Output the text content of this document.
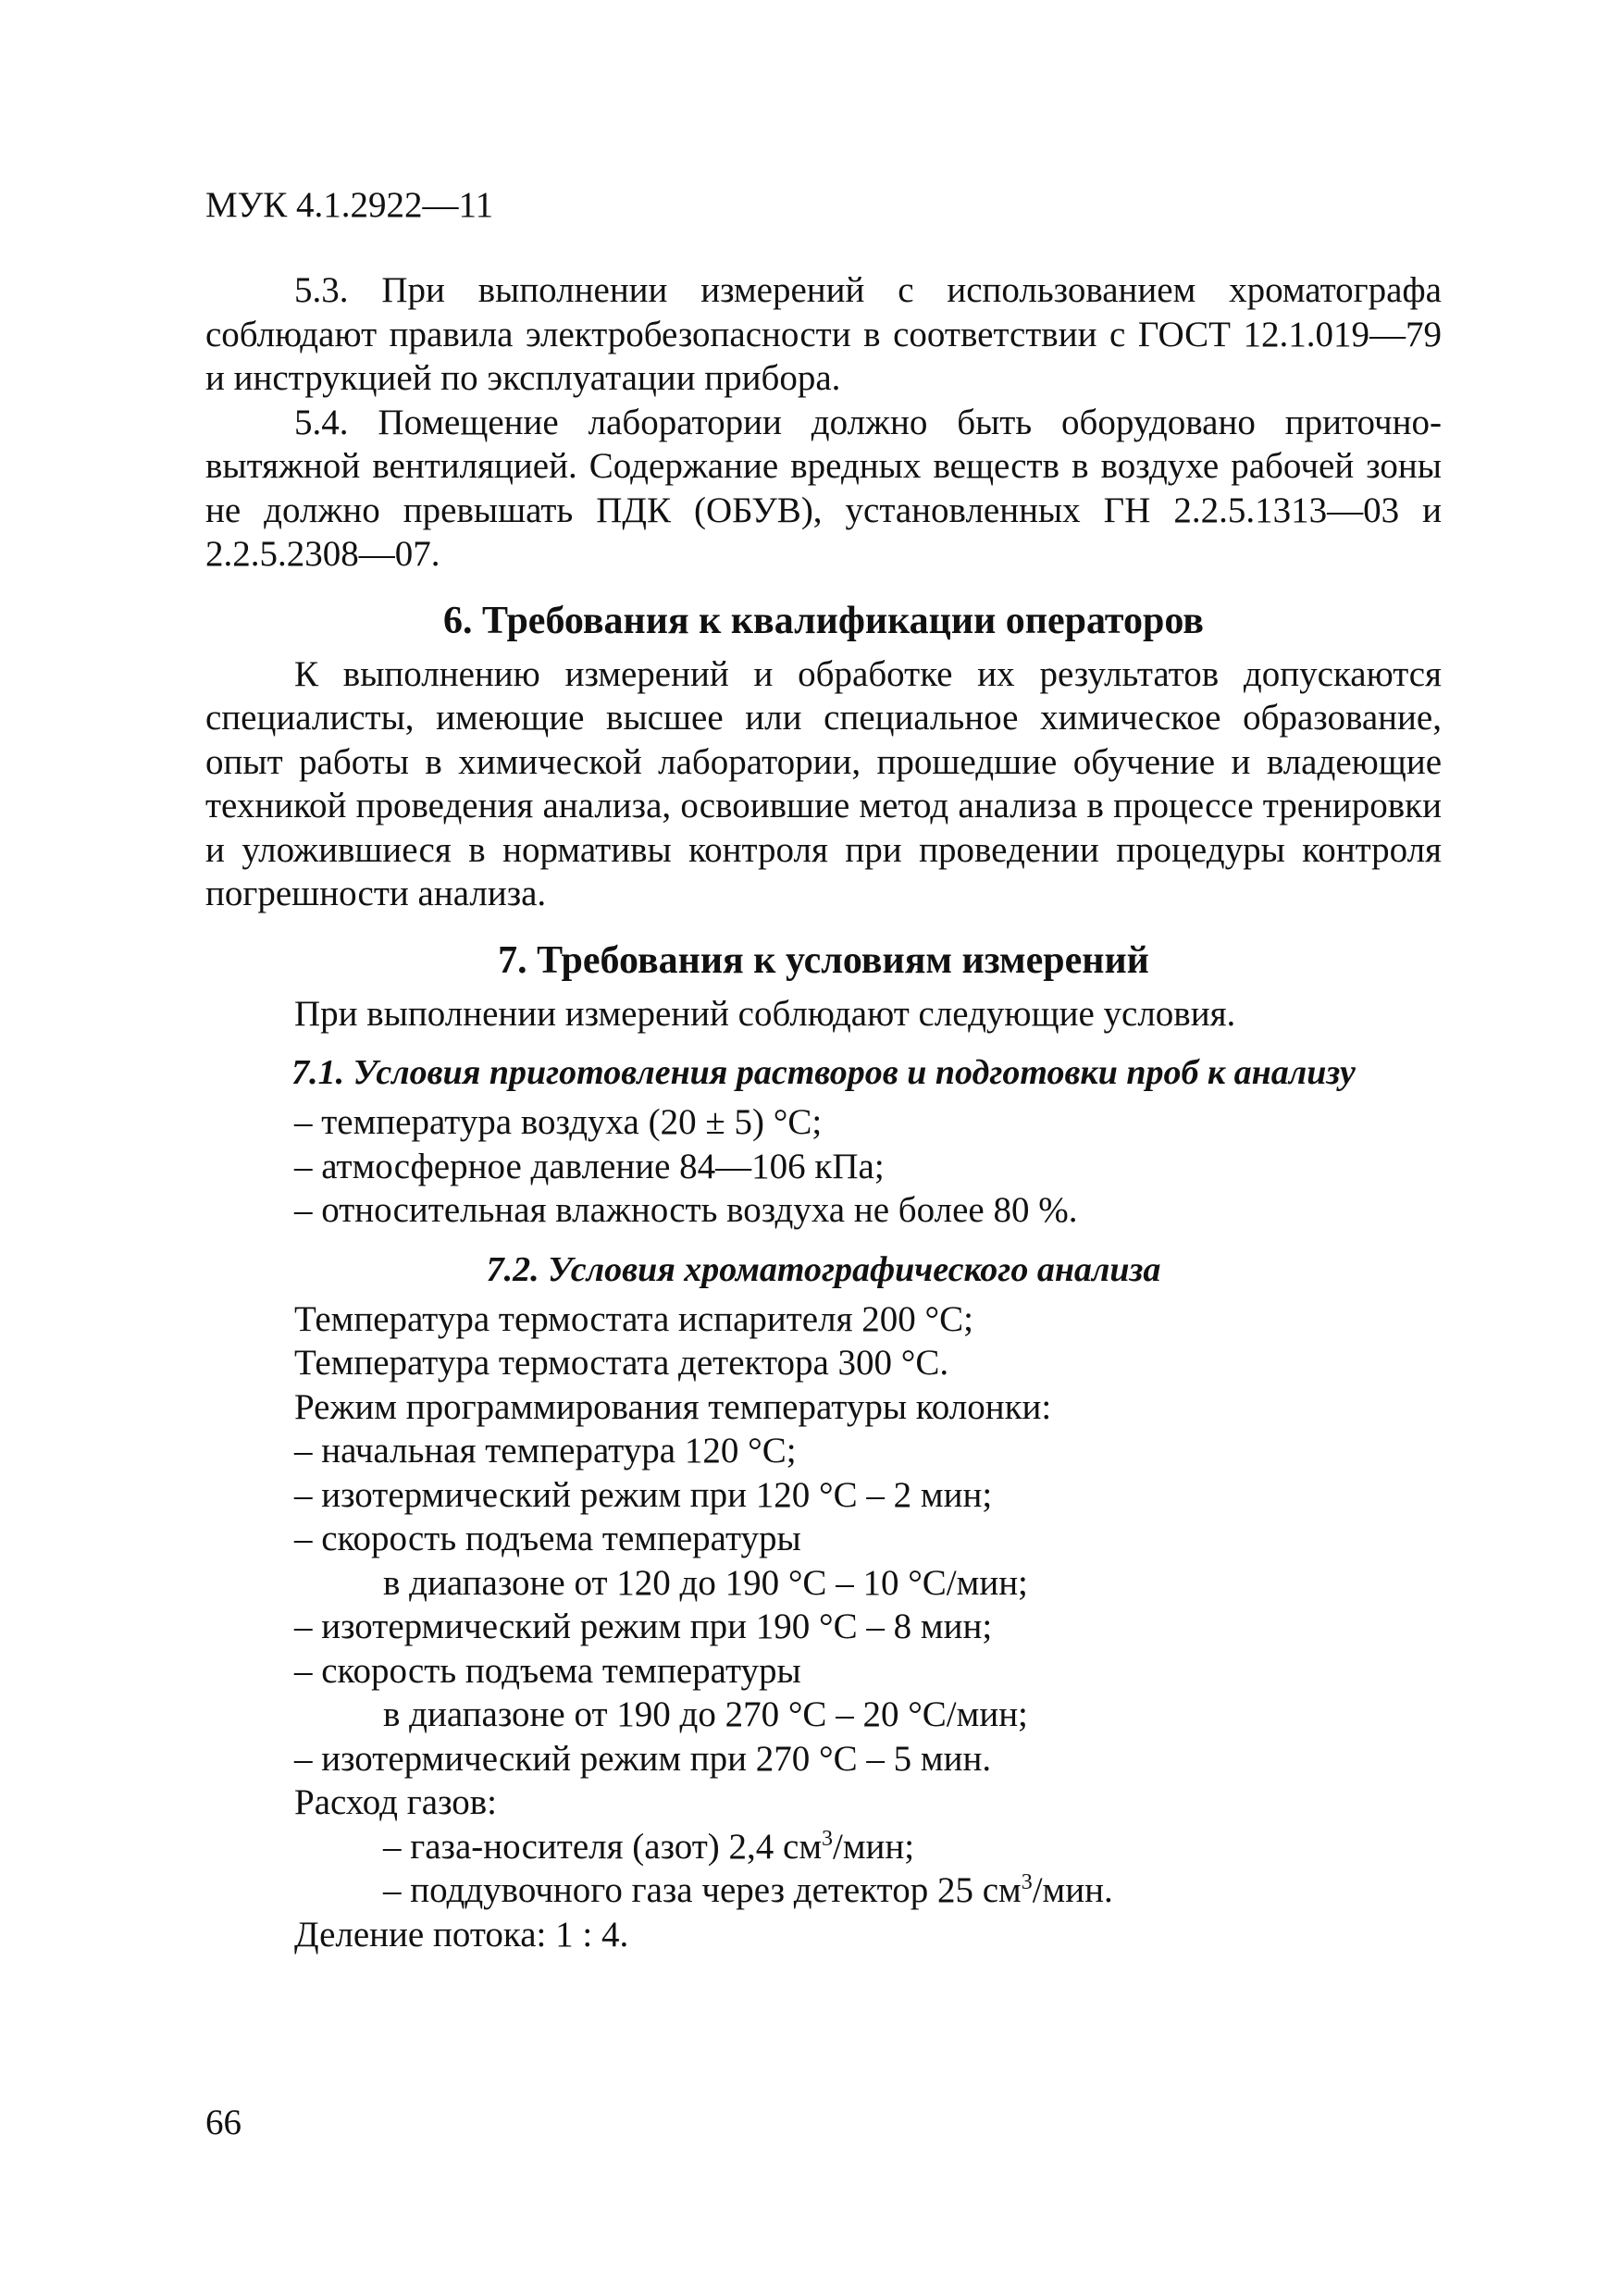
МУК 4.1.2922—11

5.3. При выполнении измерений с использованием хроматографа соблюдают правила электробезопасности в соответствии с ГОСТ 12.1.019—79 и инструкцией по эксплуатации прибора.

5.4. Помещение лаборатории должно быть оборудовано приточно-вытяжной вентиляцией. Содержание вредных веществ в воздухе рабочей зоны не должно превышать ПДК (ОБУВ), установленных ГН 2.2.5.1313—03 и 2.2.5.2308—07.

6. Требования к квалификации операторов

К выполнению измерений и обработке их результатов допускаются специалисты, имеющие высшее или специальное химическое образование, опыт работы в химической лаборатории, прошедшие обучение и владеющие техникой проведения анализа, освоившие метод анализа в процессе тренировки и уложившиеся в нормативы контроля при проведении процедуры контроля погрешности анализа.

7. Требования к условиям измерений

При выполнении измерений соблюдают следующие условия.

7.1. Условия приготовления растворов и подготовки проб к анализу

– температура воздуха (20 ± 5) °С;

– атмосферное давление 84—106 кПа;

– относительная влажность воздуха не более 80 %.

7.2. Условия хроматографического анализа

Температура термостата испарителя 200 °С;

Температура термостата детектора 300 °С.

Режим программирования температуры колонки:

– начальная температура 120 °С;

– изотермический режим при 120 °С – 2 мин;

– скорость подъема температуры

в диапазоне от 120 до 190 °С – 10 °С/мин;

– изотермический режим при 190 °С – 8 мин;

– скорость подъема температуры

в диапазоне от 190 до 270 °С – 20 °С/мин;

– изотермический режим при 270 °С – 5 мин.

Расход газов:

– газа-носителя (азот) 2,4 $см^3$/мин;

– поддувочного газа через детектор 25 $см^3$/мин.

Деление потока: 1 : 4.

66
